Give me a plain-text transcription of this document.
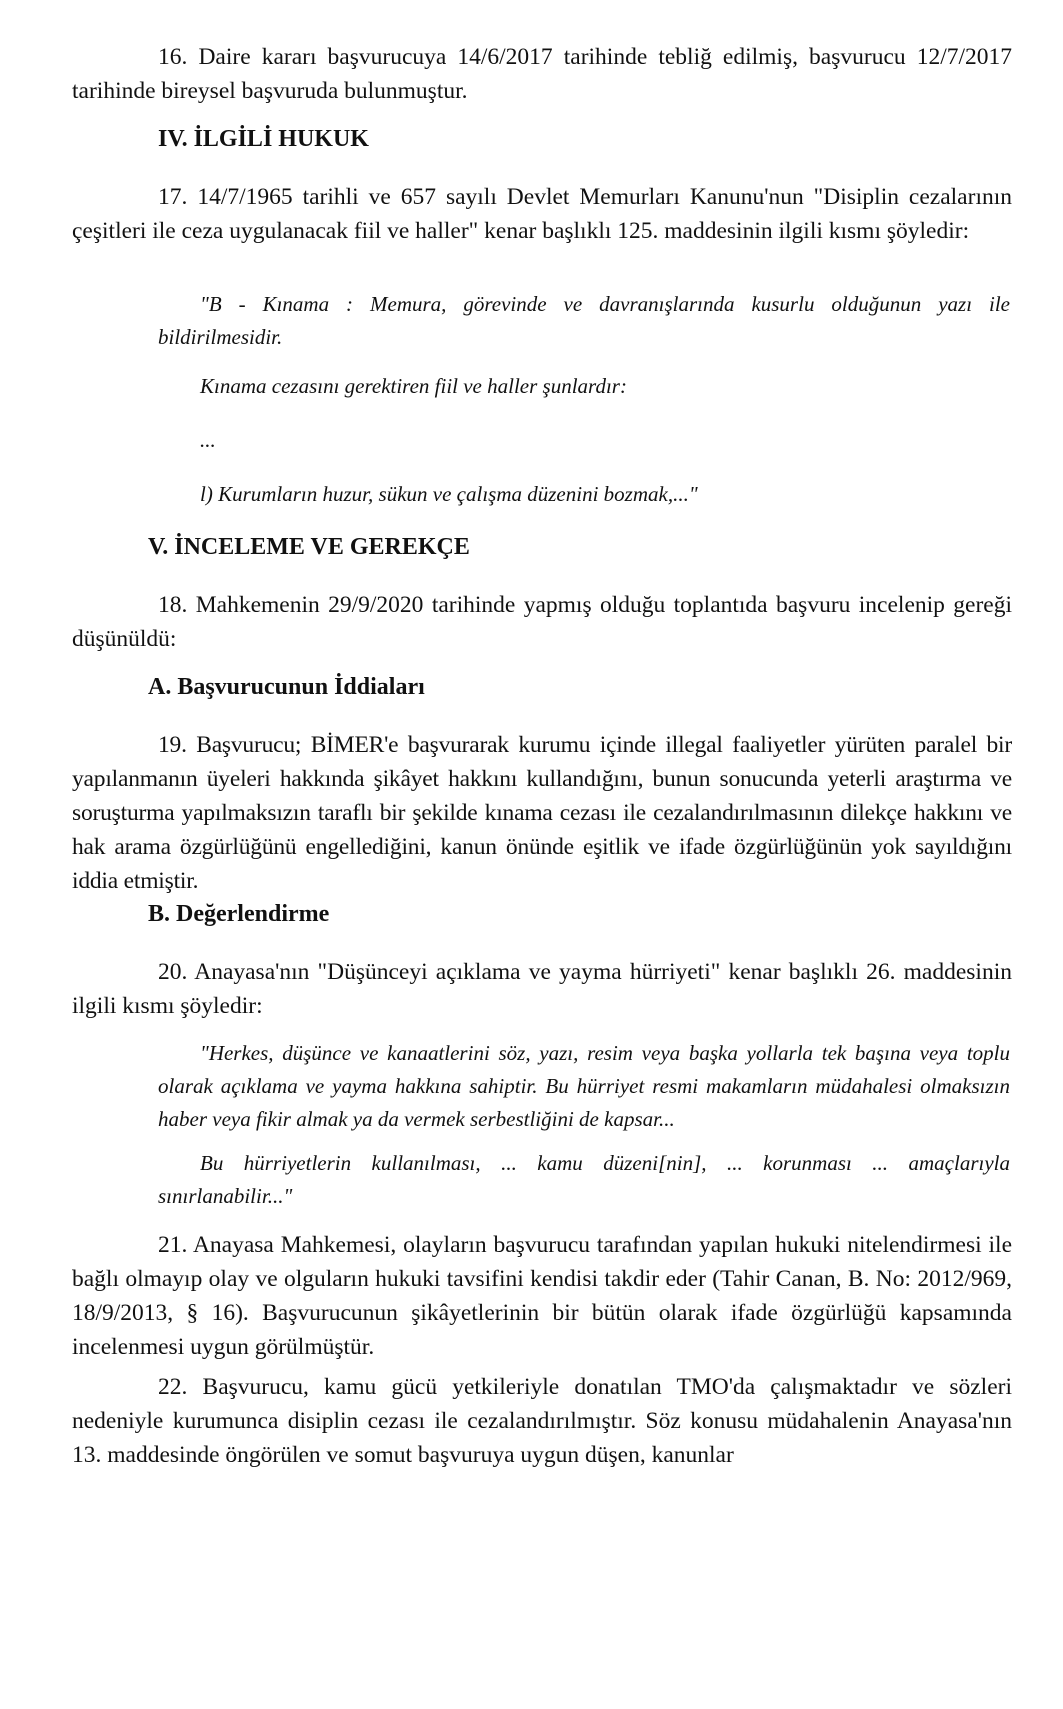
16. Daire kararı başvurucuya 14/6/2017 tarihinde tebliğ edilmiş, başvurucu 12/7/2017 tarihinde bireysel başvuruda bulunmuştur.
IV. İLGİLİ HUKUK
17. 14/7/1965 tarihli ve 657 sayılı Devlet Memurları Kanunu'nun "Disiplin cezalarının çeşitleri ile ceza uygulanacak fiil ve haller" kenar başlıklı 125. maddesinin ilgili kısmı şöyledir:
"B - Kınama : Memura, görevinde ve davranışlarında kusurlu olduğunun yazı ile bildirilmesidir.
Kınama cezasını gerektiren fiil ve haller şunlardır:
...
l) Kurumların huzur, sükun ve çalışma düzenini bozmak,..."
V. İNCELEME VE GEREKÇE
18. Mahkemenin 29/9/2020 tarihinde yapmış olduğu toplantıda başvuru incelenip gereği düşünüldü:
A. Başvurucunun İddiaları
19. Başvurucu; BİMER'e başvurarak kurumu içinde illegal faaliyetler yürüten paralel bir yapılanmanın üyeleri hakkında şikâyet hakkını kullandığını, bunun sonucunda yeterli araştırma ve soruşturma yapılmaksızın taraflı bir şekilde kınama cezası ile cezalandırılmasının dilekçe hakkını ve hak arama özgürlüğünü engellediğini, kanun önünde eşitlik ve ifade özgürlüğünün yok sayıldığını iddia etmiştir.
B. Değerlendirme
20. Anayasa'nın "Düşünceyi açıklama ve yayma hürriyeti" kenar başlıklı 26. maddesinin ilgili kısmı şöyledir:
"Herkes, düşünce ve kanaatlerini söz, yazı, resim veya başka yollarla tek başına veya toplu olarak açıklama ve yayma hakkına sahiptir. Bu hürriyet resmi makamların müdahalesi olmaksızın haber veya fikir almak ya da vermek serbestliğini de kapsar...
Bu hürriyetlerin kullanılması, ... kamu düzeni[nin], ... korunması ... amaçlarıyla sınırlanabilir..."
21. Anayasa Mahkemesi, olayların başvurucu tarafından yapılan hukuki nitelendirmesi ile bağlı olmayıp olay ve olguların hukuki tavsifini kendisi takdir eder (Tahir Canan, B. No: 2012/969, 18/9/2013, § 16). Başvurucunun şikâyetlerinin bir bütün olarak ifade özgürlüğü kapsamında incelenmesi uygun görülmüştür.
22. Başvurucu, kamu gücü yetkileriyle donatılan TMO'da çalışmaktadır ve sözleri nedeniyle kurumunca disiplin cezası ile cezalandırılmıştır. Söz konusu müdahalenin Anayasa'nın 13. maddesinde öngörülen ve somut başvuruya uygun düşen, kanunlar
